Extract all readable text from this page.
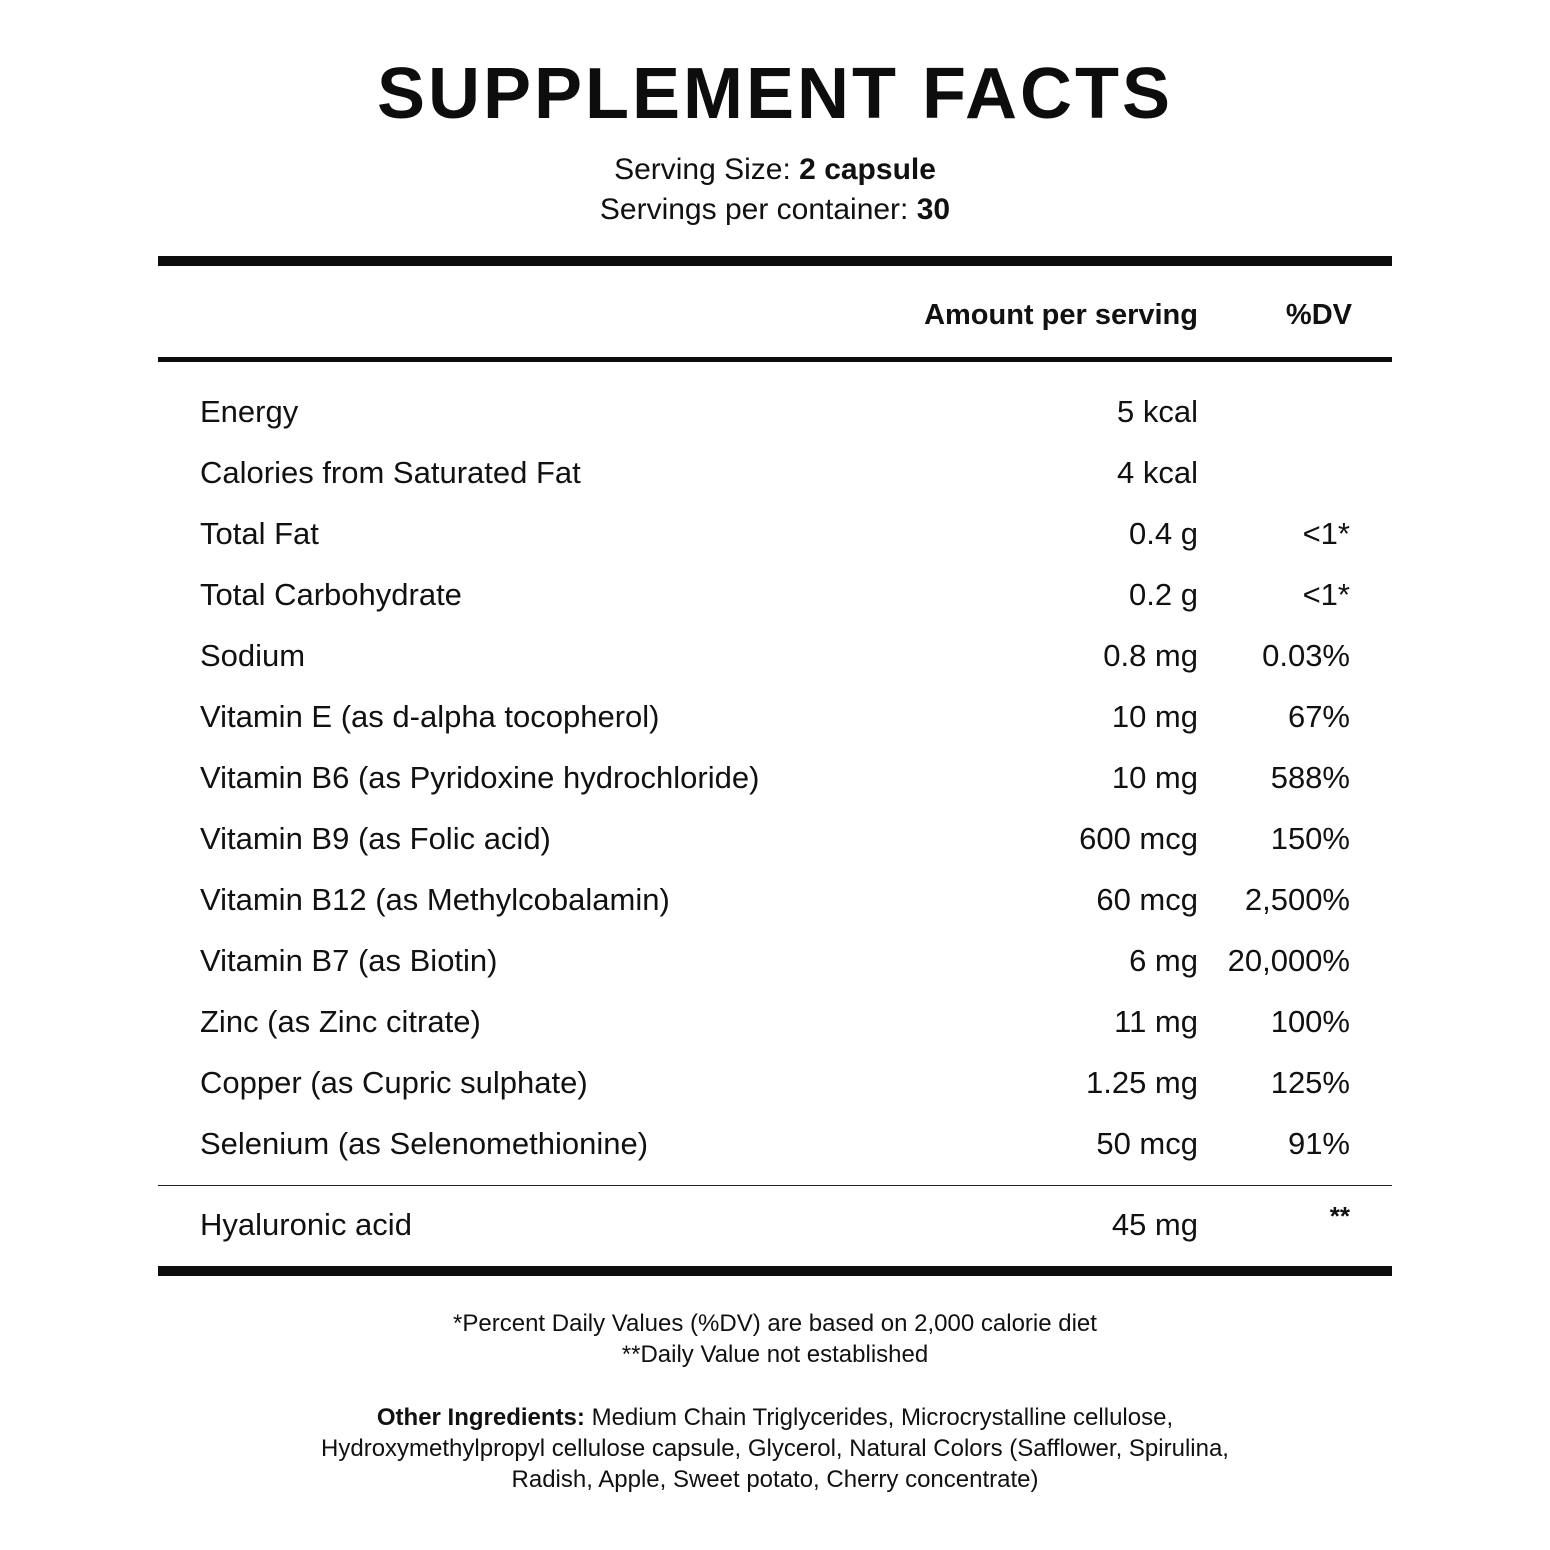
SUPPLEMENT FACTS
Serving Size: 2 capsule
Servings per container: 30
Amount per serving	%DV
Energy	5 kcal
Calories from Saturated Fat	4 kcal
Total Fat	0.4 g	<1*
Total Carbohydrate	0.2 g	<1*
Sodium	0.8 mg	0.03%
Vitamin E (as d-alpha tocopherol)	10 mg	67%
Vitamin B6 (as Pyridoxine hydrochloride)	10 mg	588%
Vitamin B9 (as Folic acid)	600 mcg	150%
Vitamin B12 (as Methylcobalamin)	60 mcg	2,500%
Vitamin B7 (as Biotin)	6 mg 20,000%
Zinc (as Zinc citrate)	11 mg	100%
Copper (as Cupric sulphate)	1.25 mg	125%
Selenium (as Selenomethionine)	50 mcg	91%
Hyaluronic acid	45 mg	**
*Percent Daily Values (%DV) are based on 2,000 calorie diet
**Daily Value not established
Other Ingredients: Medium Chain Triglycerides, Microcrystalline cellulose,
Hydroxymethylpropyl cellulose capsule, Glycerol, Natural Colors (Safflower, Spirulina,
Radish, Apple, Sweet potato, Cherry concentrate)
